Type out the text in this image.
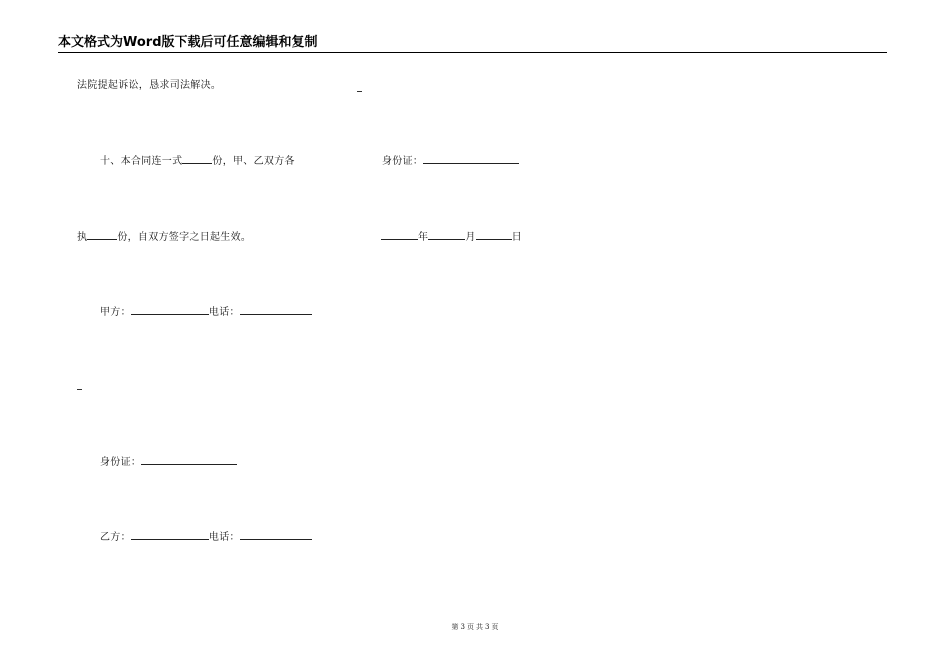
本文格式为Word版下载后可任意编辑和复制
法院提起诉讼，恳求司法解决。
十、本合同连一式	份，甲、乙双方各	身份证：
执	份，自双方签字之日起生效。	年	月	日
甲方：	电话：
身份证：
乙方：	电话：
第 3 页 共 3 页
